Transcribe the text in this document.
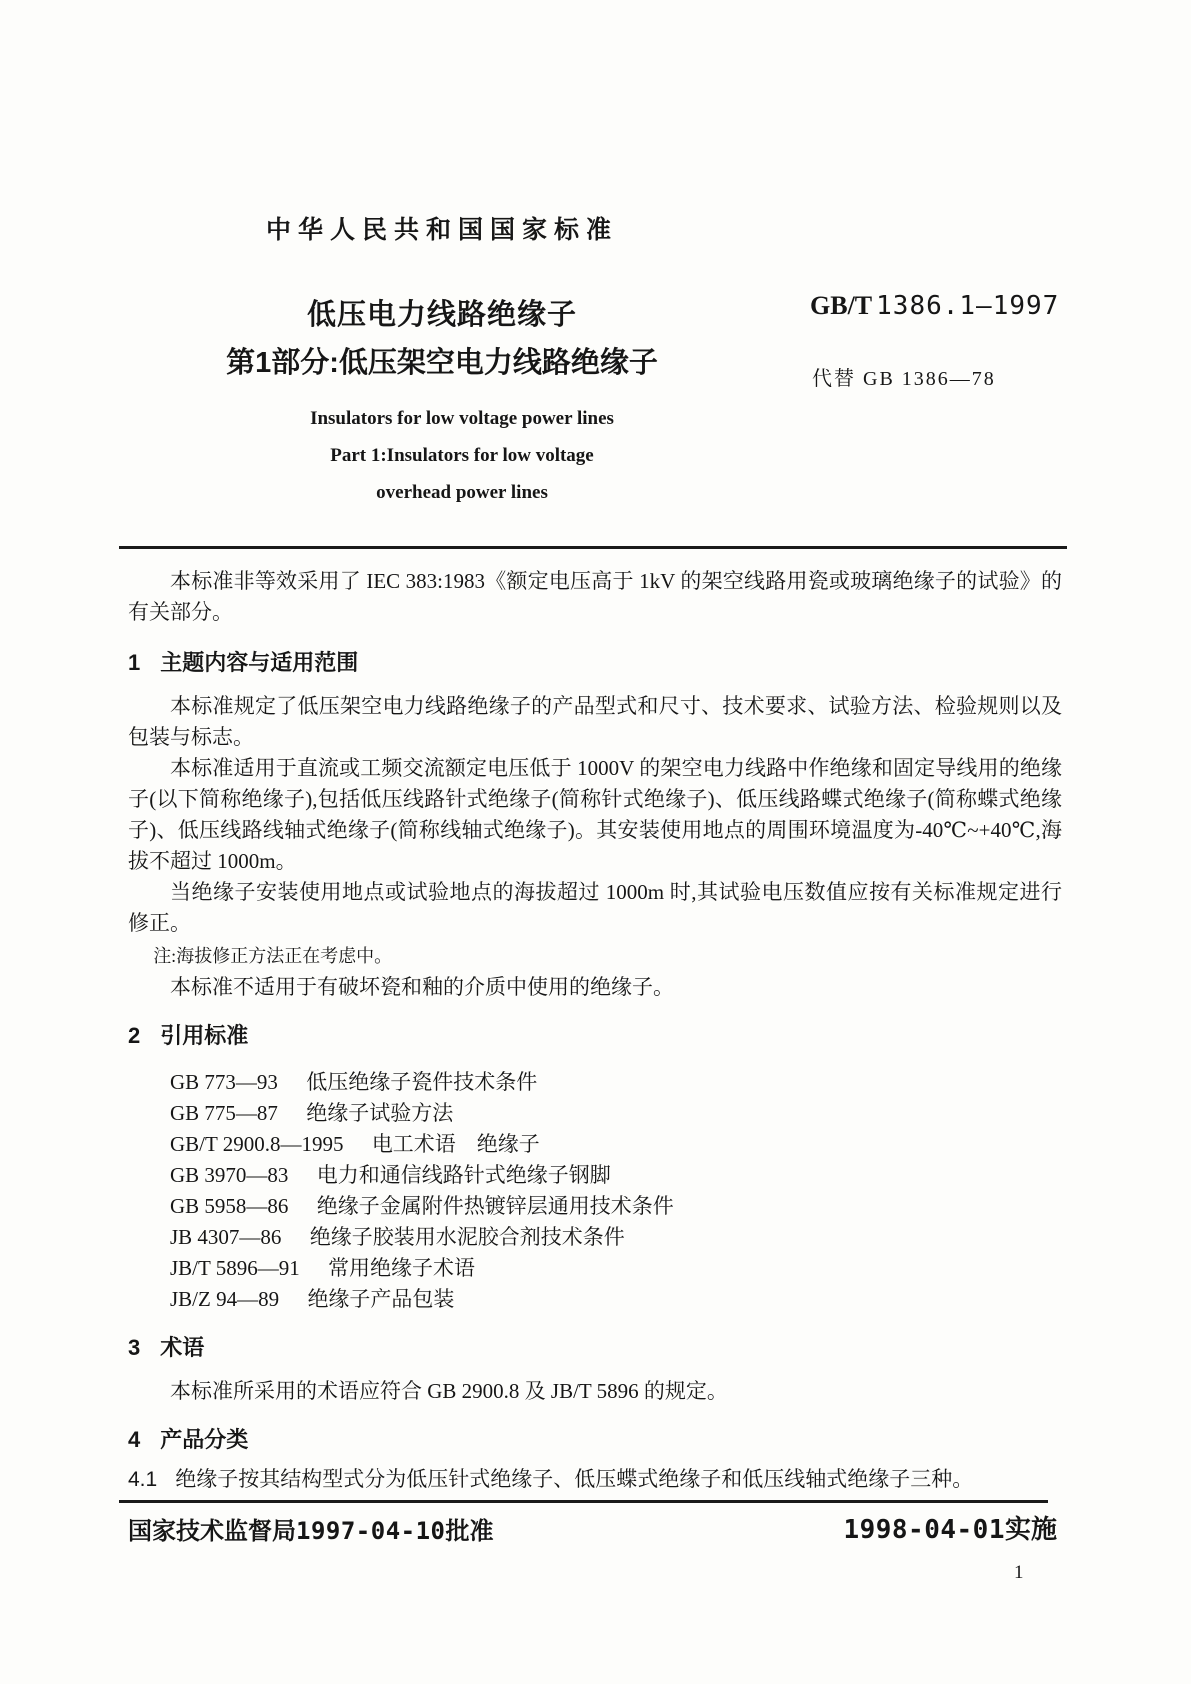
中华人民共和国国家标准
低压电力线路绝缘子
第1部分:低压架空电力线路绝缘子
GB/T 1386.1—1997
代替 GB 1386—78
Insulators for low voltage power lines
Part 1:Insulators for low voltage
overhead power lines

本标准非等效采用了 IEC 383:1983《额定电压高于 1kV 的架空线路用瓷或玻璃绝缘子的试验》的有关部分。

1 主题内容与适用范围

本标准规定了低压架空电力线路绝缘子的产品型式和尺寸、技术要求、试验方法、检验规则以及包装与标志。

本标准适用于直流或工频交流额定电压低于 1000V 的架空电力线路中作绝缘和固定导线用的绝缘子(以下简称绝缘子),包括低压线路针式绝缘子(简称针式绝缘子)、低压线路蝶式绝缘子(简称蝶式绝缘子)、低压线路线轴式绝缘子(简称线轴式绝缘子)。其安装使用地点的周围环境温度为-40℃~+40℃,海拔不超过 1000m。

当绝缘子安装使用地点或试验地点的海拔超过 1000m 时,其试验电压数值应按有关标准规定进行修正。

注:海拔修正方法正在考虑中。

本标准不适用于有破坏瓷和釉的介质中使用的绝缘子。

2 引用标准

GB 773—93 低压绝缘子瓷件技术条件

GB 775—87 绝缘子试验方法

GB/T 2900.8—1995 电工术语　绝缘子

GB 3970—83 电力和通信线路针式绝缘子钢脚

GB 5958—86 绝缘子金属附件热镀锌层通用技术条件

JB 4307—86 绝缘子胶装用水泥胶合剂技术条件

JB/T 5896—91 常用绝缘子术语

JB/Z 94—89 绝缘子产品包装

3 术语

本标准所采用的术语应符合 GB 2900.8 及 JB/T 5896 的规定。

4 产品分类

4.1 绝缘子按其结构型式分为低压针式绝缘子、低压蝶式绝缘子和低压线轴式绝缘子三种。

国家技术监督局1997-04-10批准	1998-04-01实施
1
